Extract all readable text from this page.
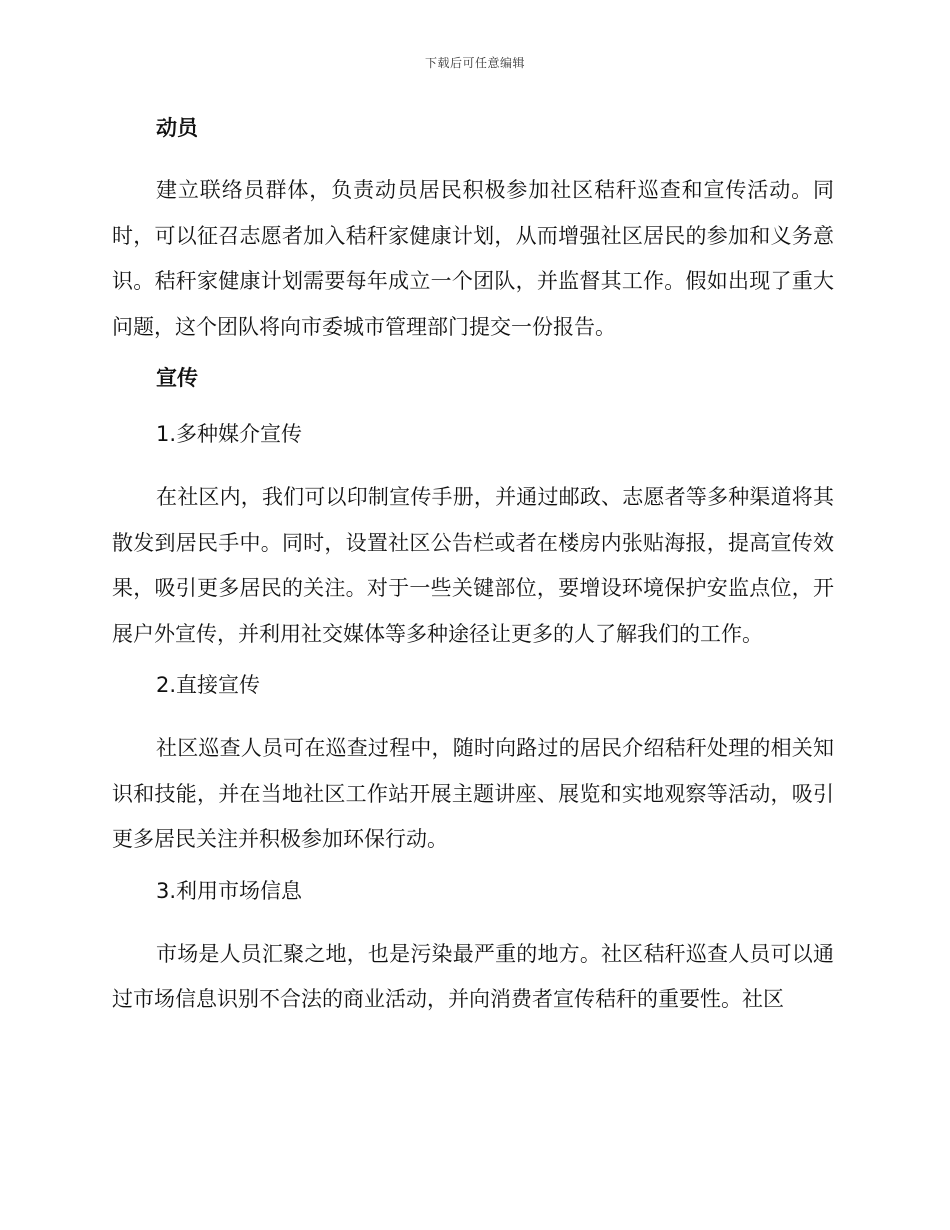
下载后可任意编辑
动员

建立联络员群体，负责动员居民积极参加社区秸秆巡查和宣传活动。同时，可以征召志愿者加入秸秆家健康计划，从而增强社区居民的参加和义务意识。秸秆家健康计划需要每年成立一个团队，并监督其工作。假如出现了重大问题，这个团队将向市委城市管理部门提交一份报告。

宣传
1.多种媒介宣传

在社区内，我们可以印制宣传手册，并通过邮政、志愿者等多种渠道将其散发到居民手中。同时，设置社区公告栏或者在楼房内张贴海报，提高宣传效果，吸引更多居民的关注。对于一些关键部位，要增设环境保护安监点位，开展户外宣传，并利用社交媒体等多种途径让更多的人了解我们的工作。

2.直接宣传

社区巡查人员可在巡查过程中，随时向路过的居民介绍秸秆处理的相关知识和技能，并在当地社区工作站开展主题讲座、展览和实地观察等活动，吸引更多居民关注并积极参加环保行动。

3.利用市场信息

市场是人员汇聚之地，也是污染最严重的地方。社区秸秆巡查人员可以通过市场信息识别不合法的商业活动，并向消费者宣传秸秆的重要性。社区
